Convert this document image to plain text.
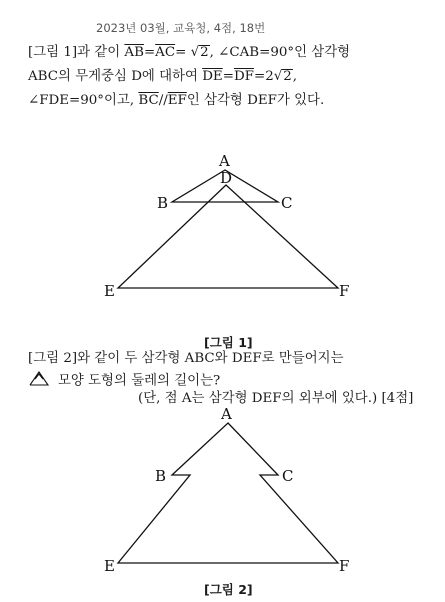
2023년 03월, 교육청, 4점, 18번
[그림 1]과 같이 $\overline{AB}=\overline{AC}= √2$, ∠CAB=90°인 삼각형
ABC의 무게중심 D에 대하여 $\overline{DE}=\overline{DF}=2√2$,
∠FDE=90°이고, $\overline{BC}//\overline{EF}$인 삼각형 DEF가 있다.
A
D
B	C
E	F
[그림 1]
[그림 2]와 같이 두 삼각형 ABC와 DEF로 만들어지는
모양 도형의 둘레의 길이는?
(단, 점 A는 삼각형 DEF의 외부에 있다.) [4점]
A
B	C
E	F
[그림 2]
